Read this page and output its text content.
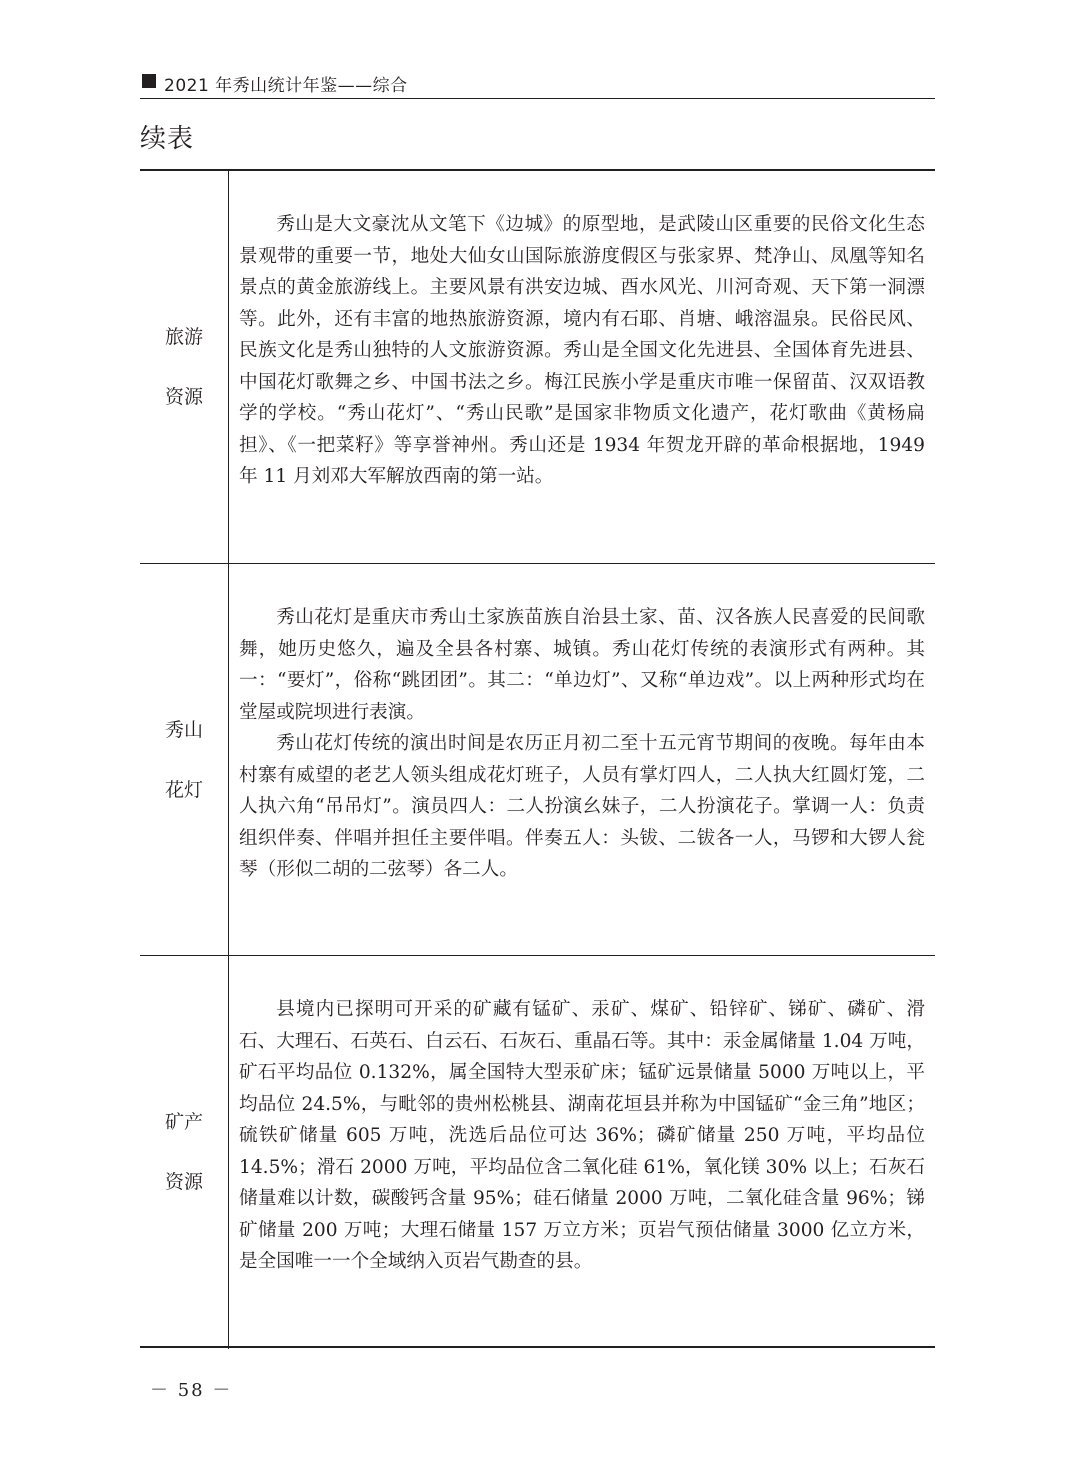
2021 年秀山统计年鉴——综合
续表
旅游
资源

秀山是大文豪沈从文笔下《边城》的原型地，是武陵山区重要的民俗文化生态景观带的重要一节，地处大仙女山国际旅游度假区与张家界、梵净山、凤凰等知名景点的黄金旅游线上。主要风景有洪安边城、酉水风光、川河奇观、天下第一洞漂等。此外，还有丰富的地热旅游资源，境内有石耶、肖塘、峨溶温泉。民俗民风、民族文化是秀山独特的人文旅游资源。秀山是全国文化先进县、全国体育先进县、中国花灯歌舞之乡、中国书法之乡。梅江民族小学是重庆市唯一保留苗、汉双语教学的学校。“秀山花灯”、“秀山民歌”是国家非物质文化遗产，花灯歌曲《黄杨扁担》、《一把菜籽》等享誉神州。秀山还是 1934 年贺龙开辟的革命根据地，1949 年 11 月刘邓大军解放西南的第一站。

秀山
花灯

秀山花灯是重庆市秀山土家族苗族自治县土家、苗、汉各族人民喜爱的民间歌舞，她历史悠久，遍及全县各村寨、城镇。秀山花灯传统的表演形式有两种。其一：“要灯”，俗称“跳团团”。其二：“单边灯”、又称“单边戏”。以上两种形式均在堂屋或院坝进行表演。

秀山花灯传统的演出时间是农历正月初二至十五元宵节期间的夜晚。每年由本村寨有威望的老艺人领头组成花灯班子，人员有掌灯四人，二人执大红圆灯笼，二人执六角“吊吊灯”。演员四人：二人扮演幺妹子，二人扮演花子。掌调一人：负责组织伴奏、伴唱并担任主要伴唱。伴奏五人：头钹、二钹各一人，马锣和大锣人瓮琴（形似二胡的二弦琴）各二人。

矿产
资源

县境内已探明可开采的矿藏有锰矿、汞矿、煤矿、铅锌矿、锑矿、磷矿、滑石、大理石、石英石、白云石、石灰石、重晶石等。其中：汞金属储量 1.04 万吨，矿石平均品位 0.132%，属全国特大型汞矿床；锰矿远景储量 5000 万吨以上，平均品位 24.5%，与毗邻的贵州松桃县、湖南花垣县并称为中国锰矿“金三角”地区；硫铁矿储量 605 万吨，洗选后品位可达 36%；磷矿储量 250 万吨，平均品位 14.5%；滑石 2000 万吨，平均品位含二氧化硅 61%，氧化镁 30% 以上；石灰石储量难以计数，碳酸钙含量 95%；硅石储量 2000 万吨，二氧化硅含量 96%；锑矿储量 200 万吨；大理石储量 157 万立方米；页岩气预估储量 3000 亿立方米，是全国唯一一个全域纳入页岩气勘查的县。

－ 58 －
